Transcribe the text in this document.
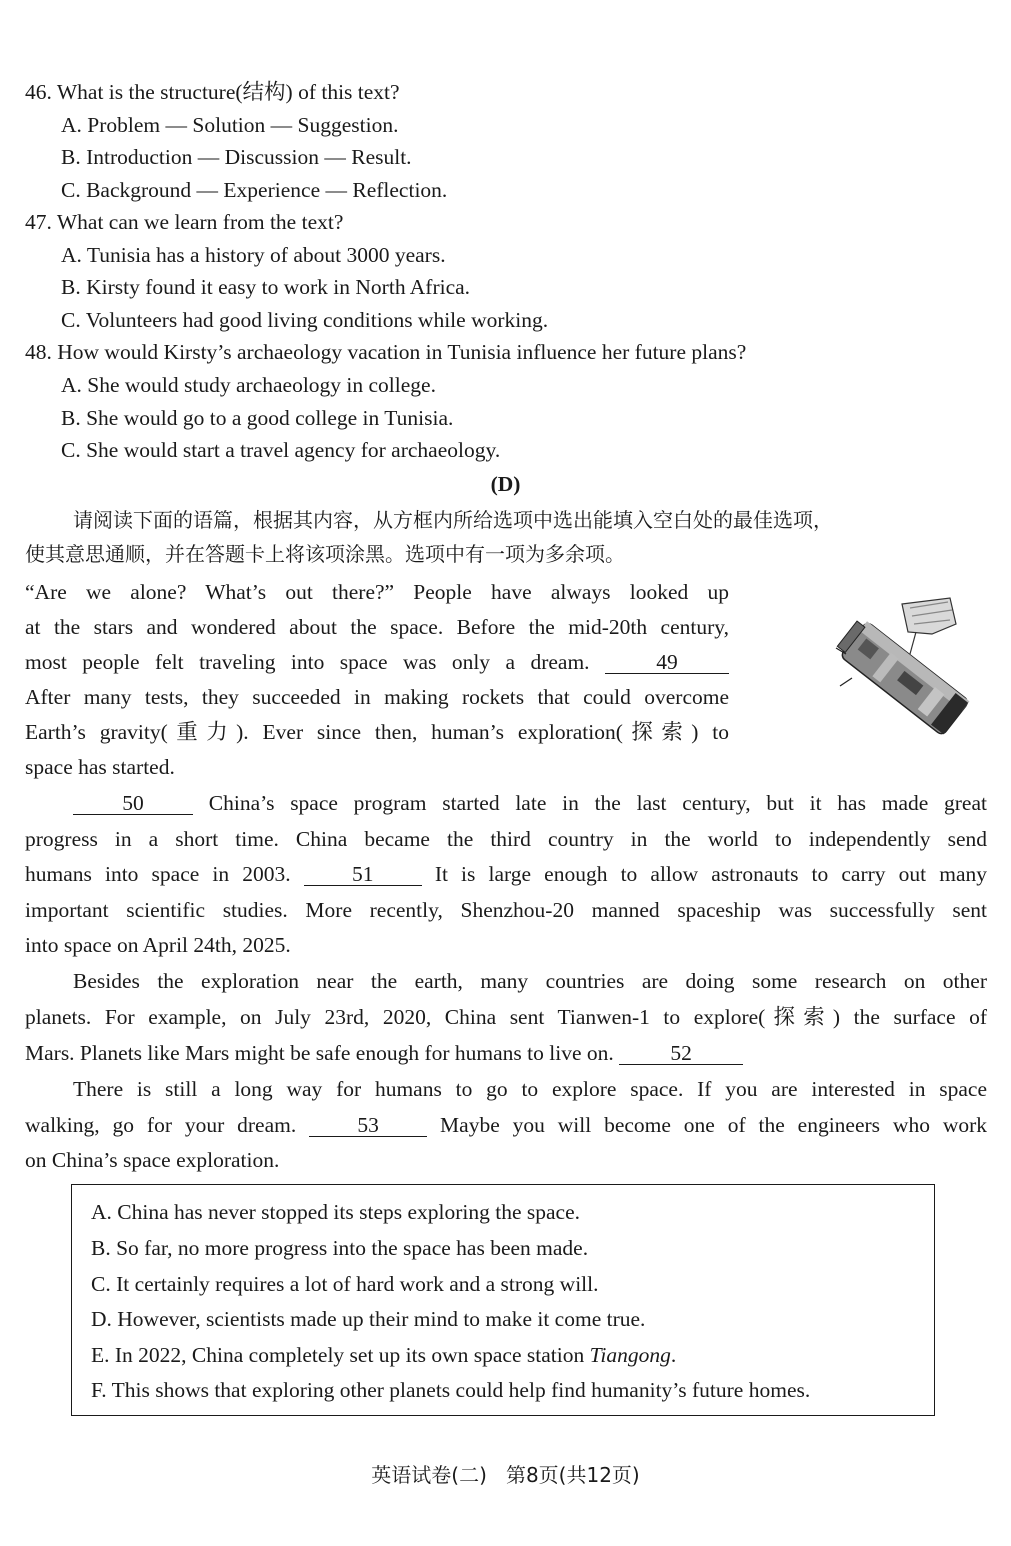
46. What is the structure(结构) of this text?
A. Problem — Solution — Suggestion.
B. Introduction — Discussion — Result.
C. Background — Experience — Reflection.
47. What can we learn from the text?
A. Tunisia has a history of about 3000 years.
B. Kirsty found it easy to work in North Africa.
C. Volunteers had good living conditions while working.
48. How would Kirsty’s archaeology vacation in Tunisia influence her future plans?
A. She would study archaeology in college.
B. She would go to a good college in Tunisia.
C. She would start a travel agency for archaeology.
(D)
请阅读下面的语篇，根据其内容，从方框内所给选项中选出能填入空白处的最佳选项，
使其意思通顺，并在答题卡上将该项涂黑。选项中有一项为多余项。
“Are we alone? What’s out there?” People have always looked up
at the stars and wondered about the space. Before the mid-20th century,
most people felt traveling into space was only a dream.	49
After many tests, they succeeded in making rockets that could overcome
Earth’s gravity(重力). Ever since then, human’s exploration(探索) to
space has started.
50	China’s space program started late in the last century, but it has made great
progress in a short time. China became the third country in the world to independently send
humans into space in 2003.	51	It is large enough to allow astronauts to carry out many
important scientific studies. More recently, Shenzhou-20 manned spaceship was successfully sent
into space on April 24th, 2025.
Besides the exploration near the earth, many countries are doing some research on other
planets. For example, on July 23rd, 2020, China sent Tianwen-1 to explore(探索) the surface of
Mars. Planets like Mars might be safe enough for humans to live on.	52
There is still a long way for humans to go to explore space. If you are interested in space
walking, go for your dream.	53	Maybe you will become one of the engineers who work
on China’s space exploration.
A. China has never stopped its steps exploring the space.
B. So far, no more progress into the space has been made.
C. It certainly requires a lot of hard work and a strong will.
D. However, scientists made up their mind to make it come true.
E. In 2022, China completely set up its own space station Tiangong.
F. This shows that exploring other planets could help find humanity’s future homes.
英语试卷(二)   第8页(共12页)
